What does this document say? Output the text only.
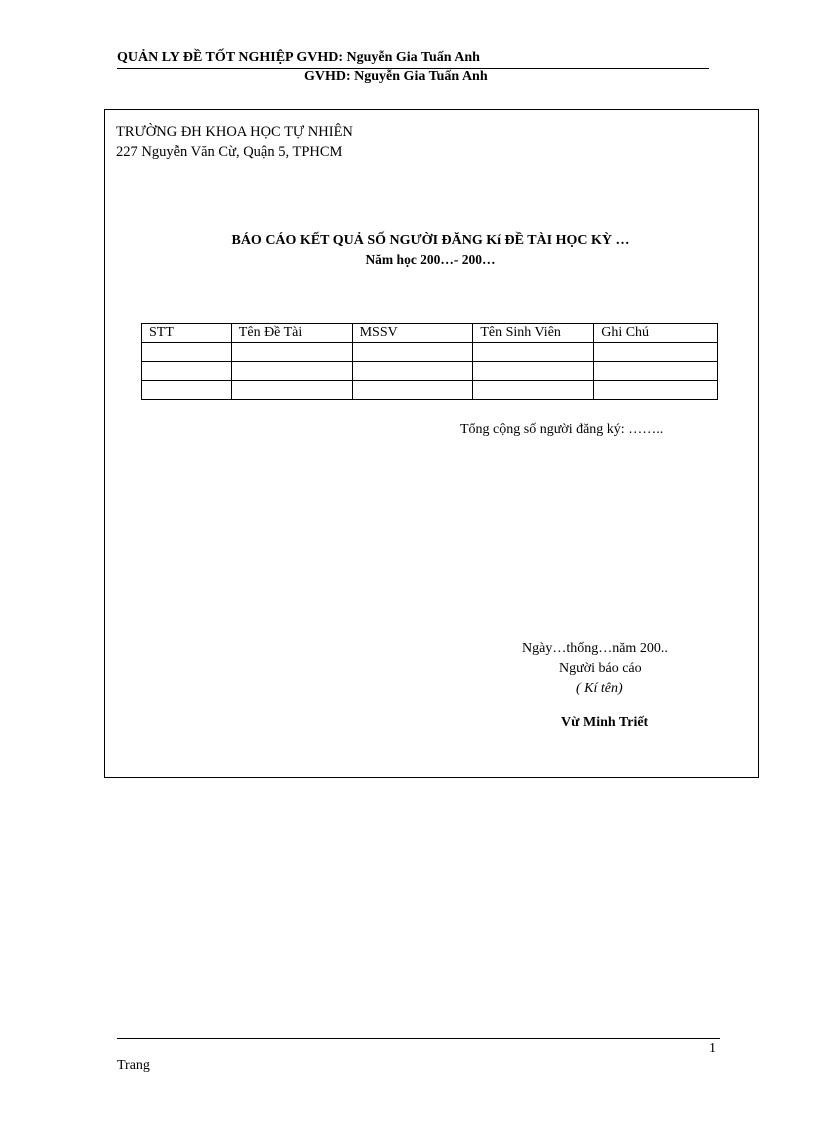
QUẢN LY ĐỀ TỐT NGHIỆP GVHD: Nguyễn Gia Tuấn Anh
GVHD: Nguyễn Gia Tuấn Anh
TRƯỜNG ĐH KHOA HỌC TỰ NHIÊN
227 Nguyễn Văn Cừ, Quận 5, TPHCM
BÁO CÁO KẾT QUẢ SỐ NGƯỜI ĐĂNG Kí ĐỀ TÀI HỌC KỲ …
Năm học 200…- 200…
STT	Tên Đề Tài	MSSV	Tên Sinh Viên	Ghi Chú

Tổng cộng số người đăng ký: ……..
Ngày…thống…năm 200..
Người báo cáo
( Kí tên)
Vừ Minh Triết
1
Trang
